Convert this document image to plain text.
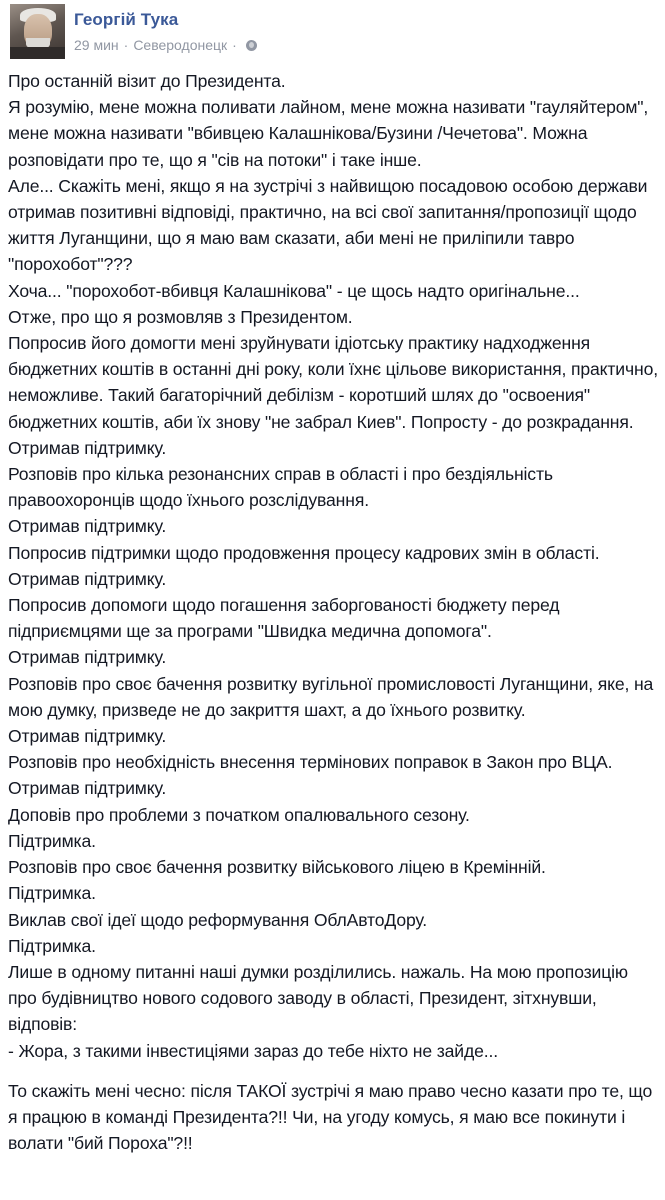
Георгій Тука
29 мин · Северодонецк ·

Про останній візит до Президента.

Я розумію, мене можна поливати лайном, мене можна називати "гауляйтером", мене можна називати "вбивцею Калашнікова/Бузини /Чечетова". Можна розповідати про те, що я "сів на потоки" і таке інше.

Але... Скажіть мені, якщо я на зустрічі з найвищою посадовою особою держави отримав позитивні відповіді, практично, на всі свої запитання/пропозиції щодо життя Луганщини, що я маю вам сказати, аби мені не приліпили тавро "порохобот"???

Хоча... "порохобот-вбивця Калашнікова" - це щось надто оригінальне...

Отже, про що я розмовляв з Президентом.

Попросив його домогти мені зруйнувати ідіотську практику надходження бюджетних коштів в останні дні року, коли їхнє цільове використання, практично, неможливе. Такий багаторічний дебілізм - коротший шлях до "освоения" бюджетних коштів, аби їх знову "не забрал Киев". Попросту - до розкрадання.

Отримав підтримку.

Розповів про кілька резонансних справ в області і про бездіяльність правоохоронців щодо їхнього розслідування.

Отримав підтримку.

Попросив підтримки щодо продовження процесу кадрових змін в області.

Отримав підтримку.

Попросив допомоги щодо погашення заборгованості бюджету перед підприємцями ще за програми "Швидка медична допомога".

Отримав підтримку.

Розповів про своє бачення розвитку вугільної промисловості Луганщини, яке, на мою думку, призведе не до закриття шахт, а до їхнього розвитку.

Отримав підтримку.

Розповів про необхідність внесення термінових поправок в Закон про ВЦА.

Отримав підтримку.

Доповів про проблеми з початком опалювального сезону.

Підтримка.

Розповів про своє бачення розвитку військового ліцею в Кремінній.

Підтримка.

Виклав свої ідеї щодо реформування ОблАвтоДору.

Підтримка.

Лише в одному питанні наші думки розділились. нажаль. На мою пропозицію про будівництво нового содового заводу в області, Президент, зітхнувши, відповів:

- Жора, з такими інвестиціями зараз до тебе ніхто не зайде...

То скажіть мені чесно: після ТАКОЇ зустрічі я маю право чесно казати про те, що я працюю в команді Президента?!! Чи, на угоду комусь, я маю все покинути і волати "бий Пороха"?!!
